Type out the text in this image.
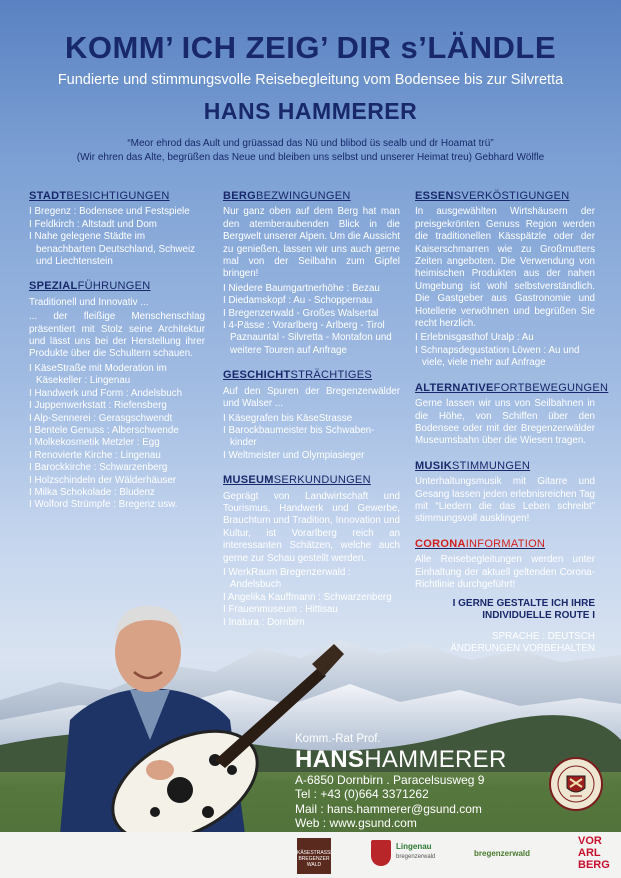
KOMM’ ICH ZEIG’ DIR s’LÄNDLE
Fundierte und stimmungsvolle Reisebegleitung vom Bodensee bis zur Silvretta
HANS HAMMERER
“Meor ehrod das Ault und grüassad das Nü und blibod üs sealb und dr Hoamat trü”
(Wir ehren das Alte, begrüßen das Neue und bleiben uns selbst und unserer Heimat treu) Gebhard Wölfle
STADTBESICHTIGUNGEN
I Bregenz : Bodensee und Festspiele
I Feldkirch : Altstadt und Dom
I Nahe gelegene Städte im benachbarten Deutschland, Schweiz und Liechtenstein
SPEZIALFÜHRUNGEN

Traditionell und Innovativ ...

... der fleißige Menschenschlag präsentiert mit Stolz seine Architektur und lässt uns bei der Herstellung ihrer Produkte über die Schultern schauen.

I KäseStraße mit Moderation im Käsekeller : Lingenau
I Handwerk und Form : Andelsbuch
I Juppenwerkstatt : Riefensberg
I Alp-Sennerei : Gerasgschwendt
I Bentele Genuss : Alberschwende
I Molkekosmetik Metzler : Egg
I Renovierte Kirche : Lingenau
I Barockkirche : Schwarzenberg
I Holzschindeln der Wälderhäuser
I Milka Schokolade : Bludenz
I Wolford Strümpfe : Bregenz usw.
BERGBEZWINGUNGEN

Nur ganz oben auf dem Berg hat man den atemberaubenden Blick in die Bergwelt unserer Alpen. Um die Aussicht zu genießen, lassen wir uns auch gerne mal von der Seilbahn zum Gipfel bringen!

I Niedere Baumgartnerhöhe : Bezau
I Diedamskopf : Au - Schoppernau
I Bregenzerwald - Großes Walsertal
I 4-Pässe : Vorarlberg - Arlberg - Tirol Paznauntal - Silvretta - Montafon und weitere Touren auf Anfrage
GESCHICHTSTRÄCHTIGES

Auf den Spuren der Bregenzerwälder und Walser ...

I Käsegrafen bis KäseStrasse
I Barockbaumeister bis Schwaben-kinder
I Weltmeister und Olympiasieger
MUSEUMSERKUNDUNGEN

Geprägt von Landwirtschaft und Tourismus, Handwerk und Gewerbe, Brauchtum und Tradition, Innovation und Kultur, ist Vorarlberg reich an interessanten Schätzen, welche auch gerne zur Schau gestellt werden.

I WerkRaum Bregenzerwald : Andelsbuch
I Angelika Kauffmann : Schwarzenberg
I Frauenmuseum : Hittisau
I Inatura : Dornbirn
ESSENSVERKÖSTIGUNGEN

In ausgewählten Wirtshäusern der preisgekrönten Genuss Region werden die traditionellen Kässpätzle oder der Kaiserschmarren wie zu Großmutters Zeiten angeboten. Die Verwendung von heimischen Produkten aus der nahen Umgebung ist wohl selbstverständlich. Die Gastgeber aus Gastronomie und Hotellerie verwöhnen und begrüßen Sie recht herzlich.

I Erlebnisgasthof Uralp : Au
I Schnapsdegustation Löwen : Au und viele, viele mehr auf Anfrage
ALTERNATIVEFORTBEWEGUNGEN

Gerne lassen wir uns von Seilbahnen in die Höhe, von Schiffen über den Bodensee oder mit der Bregenzerwälder Museumsbahn über die Wiesen tragen.

MUSIKSTIMMUNGEN

Unterhaltungsmusik mit Gitarre und Gesang lassen jeden erlebnisreichen Tag mit “Liedern die das Leben schreibt” stimmungsvoll ausklingen!

CORONAINFORMATION

Alle Reisebegleitungen werden unter Einhaltung der aktuell geltenden Corona-Richtlinie durchgeführt!

I GERNE GESTALTE ICH IHRE
INDIVIDUELLE ROUTE I
SPRACHE : DEUTSCH
ÄNDERUNGEN VORBEHALTEN
Komm.-Rat Prof.
HANSHAMMERER
A-6850 Dornbirn . Paracelsusweg 9
Tel : +43 (0)664 3371262
Mail : hans.hammerer@gsund.com
Web : www.gsund.com
KÄSESTRASSE
BREGENZER
WALD
Lingenau
bregenzerwald	bregenzerwald
VOR
ARL
BERG
